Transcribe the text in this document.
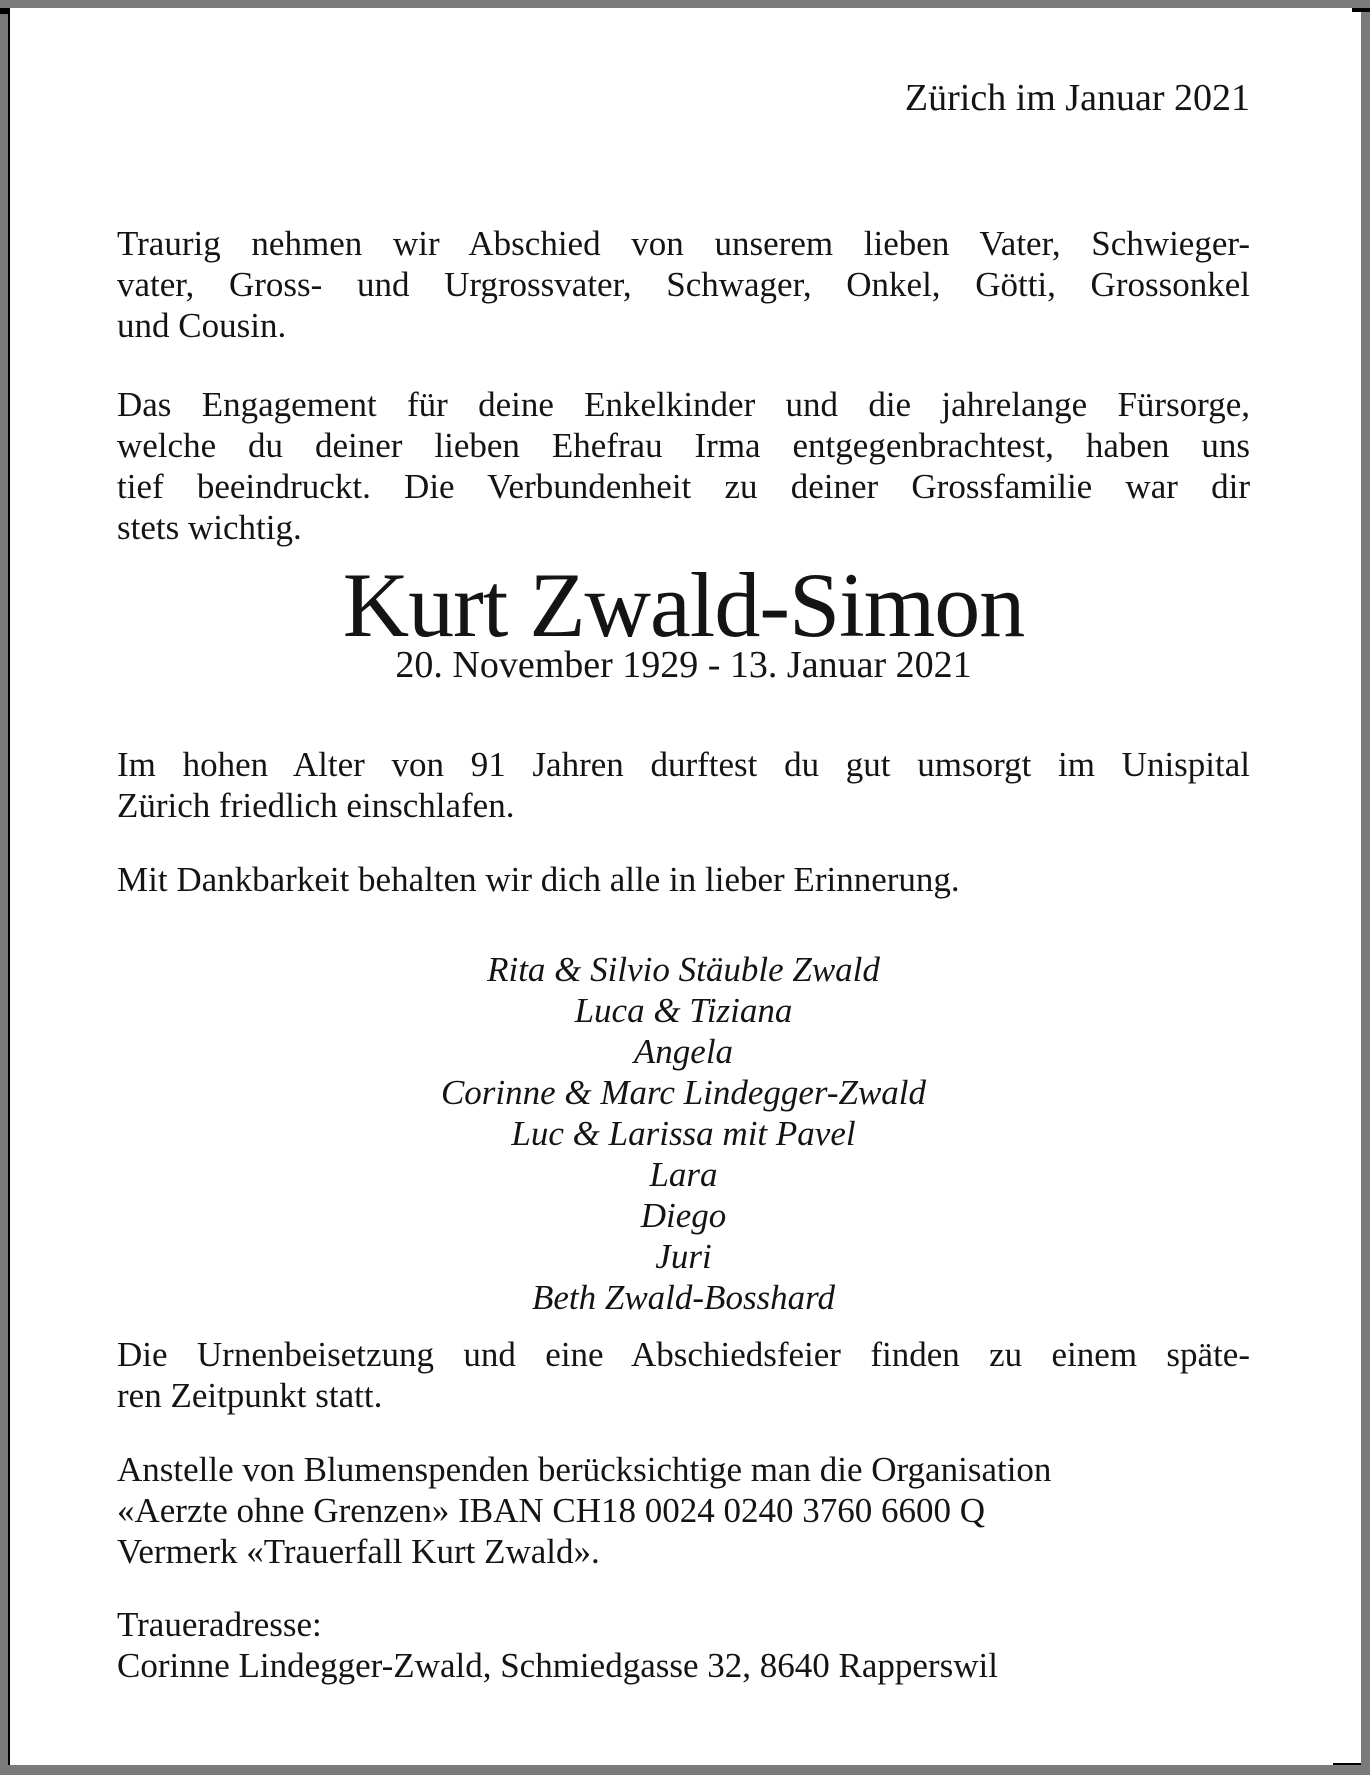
Zürich im Januar 2021
Traurig nehmen wir Abschied von unserem lieben Vater, Schwieger-
vater, Gross- und Urgrossvater, Schwager, Onkel, Götti, Grossonkel
und Cousin.
Das Engagement für deine Enkelkinder und die jahrelange Fürsorge,
welche du deiner lieben Ehefrau Irma entgegenbrachtest, haben uns
tief beeindruckt. Die Verbundenheit zu deiner Grossfamilie war dir
stets wichtig.
Kurt Zwald-Simon
20. November 1929 - 13. Januar 2021
Im hohen Alter von 91 Jahren durftest du gut umsorgt im Unispital
Zürich friedlich einschlafen.
Mit Dankbarkeit behalten wir dich alle in lieber Erinnerung.
Rita & Silvio Stäuble Zwald
Luca & Tiziana
Angela
Corinne & Marc Lindegger-Zwald
Luc & Larissa mit Pavel
Lara
Diego
Juri
Beth Zwald-Bosshard
Die Urnenbeisetzung und eine Abschiedsfeier finden zu einem späte-
ren Zeitpunkt statt.
Anstelle von Blumenspenden berücksichtige man die Organisation
«Aerzte ohne Grenzen» IBAN CH18 0024 0240 3760 6600 Q
Vermerk «Trauerfall Kurt Zwald».
Traueradresse:
Corinne Lindegger-Zwald, Schmiedgasse 32, 8640 Rapperswil
